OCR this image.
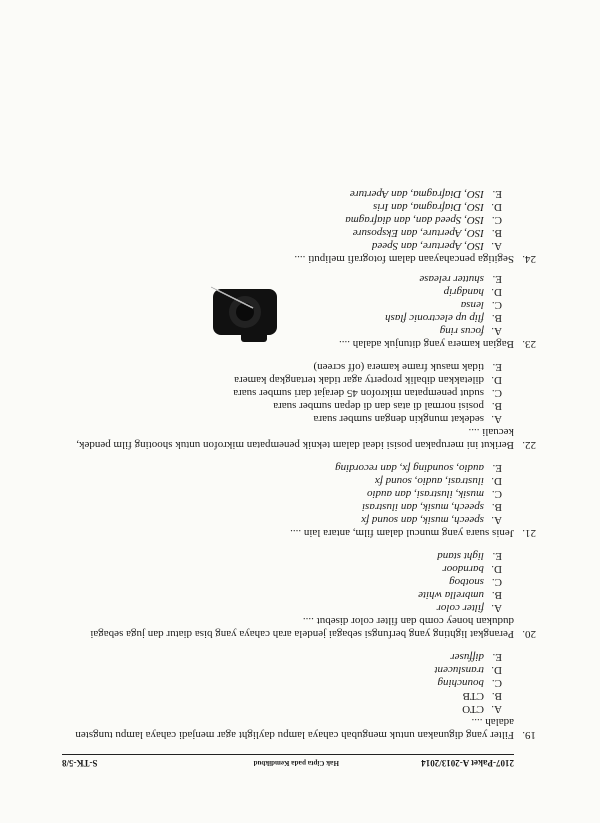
2107-Paket A-2013/2014
Hak Cipta pada Kemdikbud
S-TK-5/8
19.
Filter yang digunakan untuk mengubah cahaya lampu daylight agar menjadi cahaya lampu tungsten adalah ....
A.
CTO
B.
CTB
C.
bounching
D.
translucent
E.
diffuser
20.
Perangkat lighting yang berfungsi sebagai jendela arah cahaya yang bisa diatur dan juga sebagai dudukan honey comb dan filter color disebut ....
A.
filter color
B.
umbrella white
C.
snotbog
D.
barndoor
E.
light stand
21.
Jenis suara yang muncul dalam film, antara lain ....
A.
speech, musik, dan sound fx
B.
speech, musik, dan ilustrasi
C.
musik, ilustrasi, dan audio
D.
ilustrasi, audio, sound fx
E.
audio, sounding fx, dan recording
22.
Berikut ini merupakan posisi ideal dalam teknik penempatan mikrofon untuk shooting film pendek, kecuali ....
A.
sedekat mungkin dengan sumber suara
B.
posisi normal di atas dan di depan sumber suara
C.
sudut penempatan mikrofon 45 derajat dari sumber suara
D.
diletakkan dibalik property agar tidak tertangkap kamera
E.
tidak masuk frame kamera (off screen)
23.
Bagian kamera yang ditunjuk adalah ....
A.
focus ring
B.
flip up electronic flash
C.
lensa
D.
handgrip
E.
shutter release
24.
Segitiga pencahayaan dalam fotografi meliputi ....
A.
ISO, Aperture, dan Speed
B.
ISO, Aperture, dan Eksposure
C.
ISO, Speed dan, dan diafragma
D.
ISO, Diafragma, dan Iris
E.
ISO, Diafragma, dan Aperture
